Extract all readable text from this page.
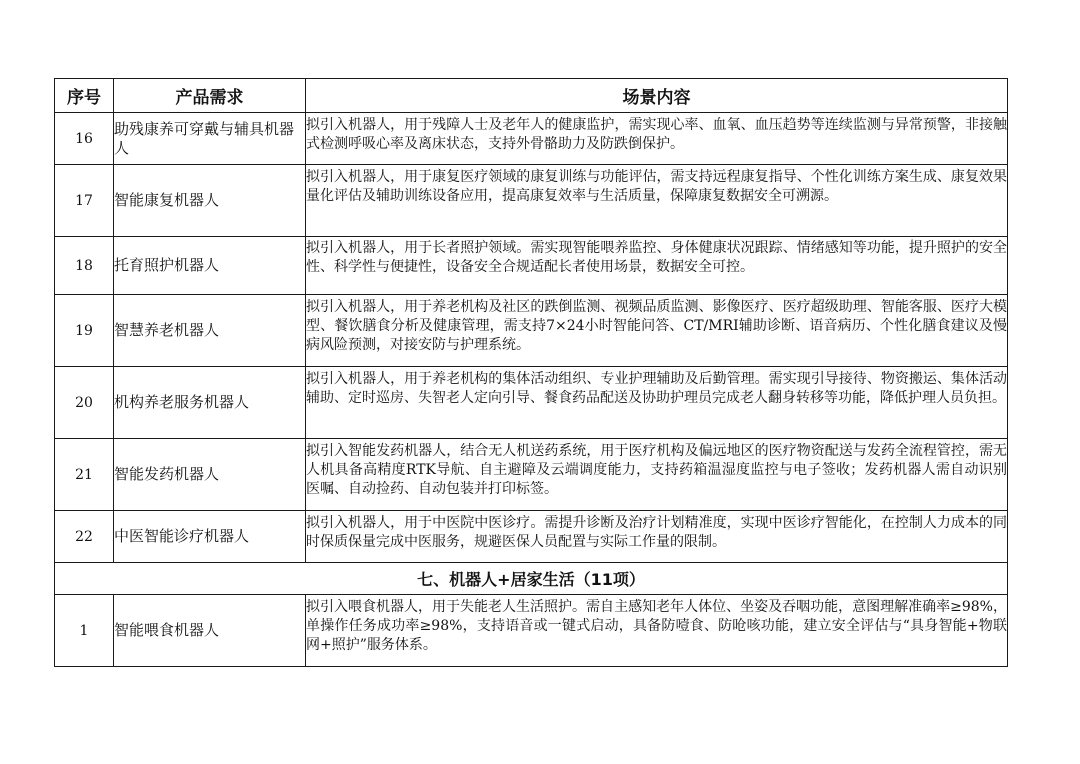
序号	产品需求	场景内容
16	助残康养可穿戴与辅具机器人	拟引入机器人，用于残障人士及老年人的健康监护，需实现心率、血氧、血压趋势等连续监测与异常预警，非接触式检测呼吸心率及离床状态，支持外骨骼助力及防跌倒保护。

17	智能康复机器人	拟引入机器人，用于康复医疗领域的康复训练与功能评估，需支持远程康复指导、个性化训练方案生成、康复效果量化评估及辅助训练设备应用，提高康复效率与生活质量，保障康复数据安全可溯源。

18	托育照护机器人	拟引入机器人，用于长者照护领域。需实现智能喂养监控、身体健康状况跟踪、情绪感知等功能，提升照护的安全性、科学性与便捷性，设备安全合规适配长者使用场景，数据安全可控。

19	智慧养老机器人	拟引入机器人，用于养老机构及社区的跌倒监测、视频品质监测、影像医疗、医疗超级助理、智能客服、医疗大模型、餐饮膳食分析及健康管理，需支持7×24小时智能问答、CT/MRI辅助诊断、语音病历、个性化膳食建议及慢病风险预测，对接安防与护理系统。

20	机构养老服务机器人	拟引入机器人，用于养老机构的集体活动组织、专业护理辅助及后勤管理。需实现引导接待、物资搬运、集体活动辅助、定时巡房、失智老人定向引导、餐食药品配送及协助护理员完成老人翻身转移等功能，降低护理人员负担。

21	智能发药机器人	拟引入智能发药机器人，结合无人机送药系统，用于医疗机构及偏远地区的医疗物资配送与发药全流程管控，需无人机具备高精度RTK导航、自主避障及云端调度能力，支持药箱温湿度监控与电子签收；发药机器人需自动识别医嘱、自动捡药、自动包装并打印标签。

22	中医智能诊疗机器人	拟引入机器人，用于中医院中医诊疗。需提升诊断及治疗计划精准度，实现中医诊疗智能化，在控制人力成本的同时保质保量完成中医服务，规避医保人员配置与实际工作量的限制。

七、机器人+居家生活（11项）		
1	智能喂食机器人	拟引入喂食机器人，用于失能老人生活照护。需自主感知老年人体位、坐姿及吞咽功能，意图理解准确率≥98%，单操作任务成功率≥98%，支持语音或一键式启动，具备防噎食、防呛咳功能，建立安全评估与“具身智能+物联网+照护”服务体系。
